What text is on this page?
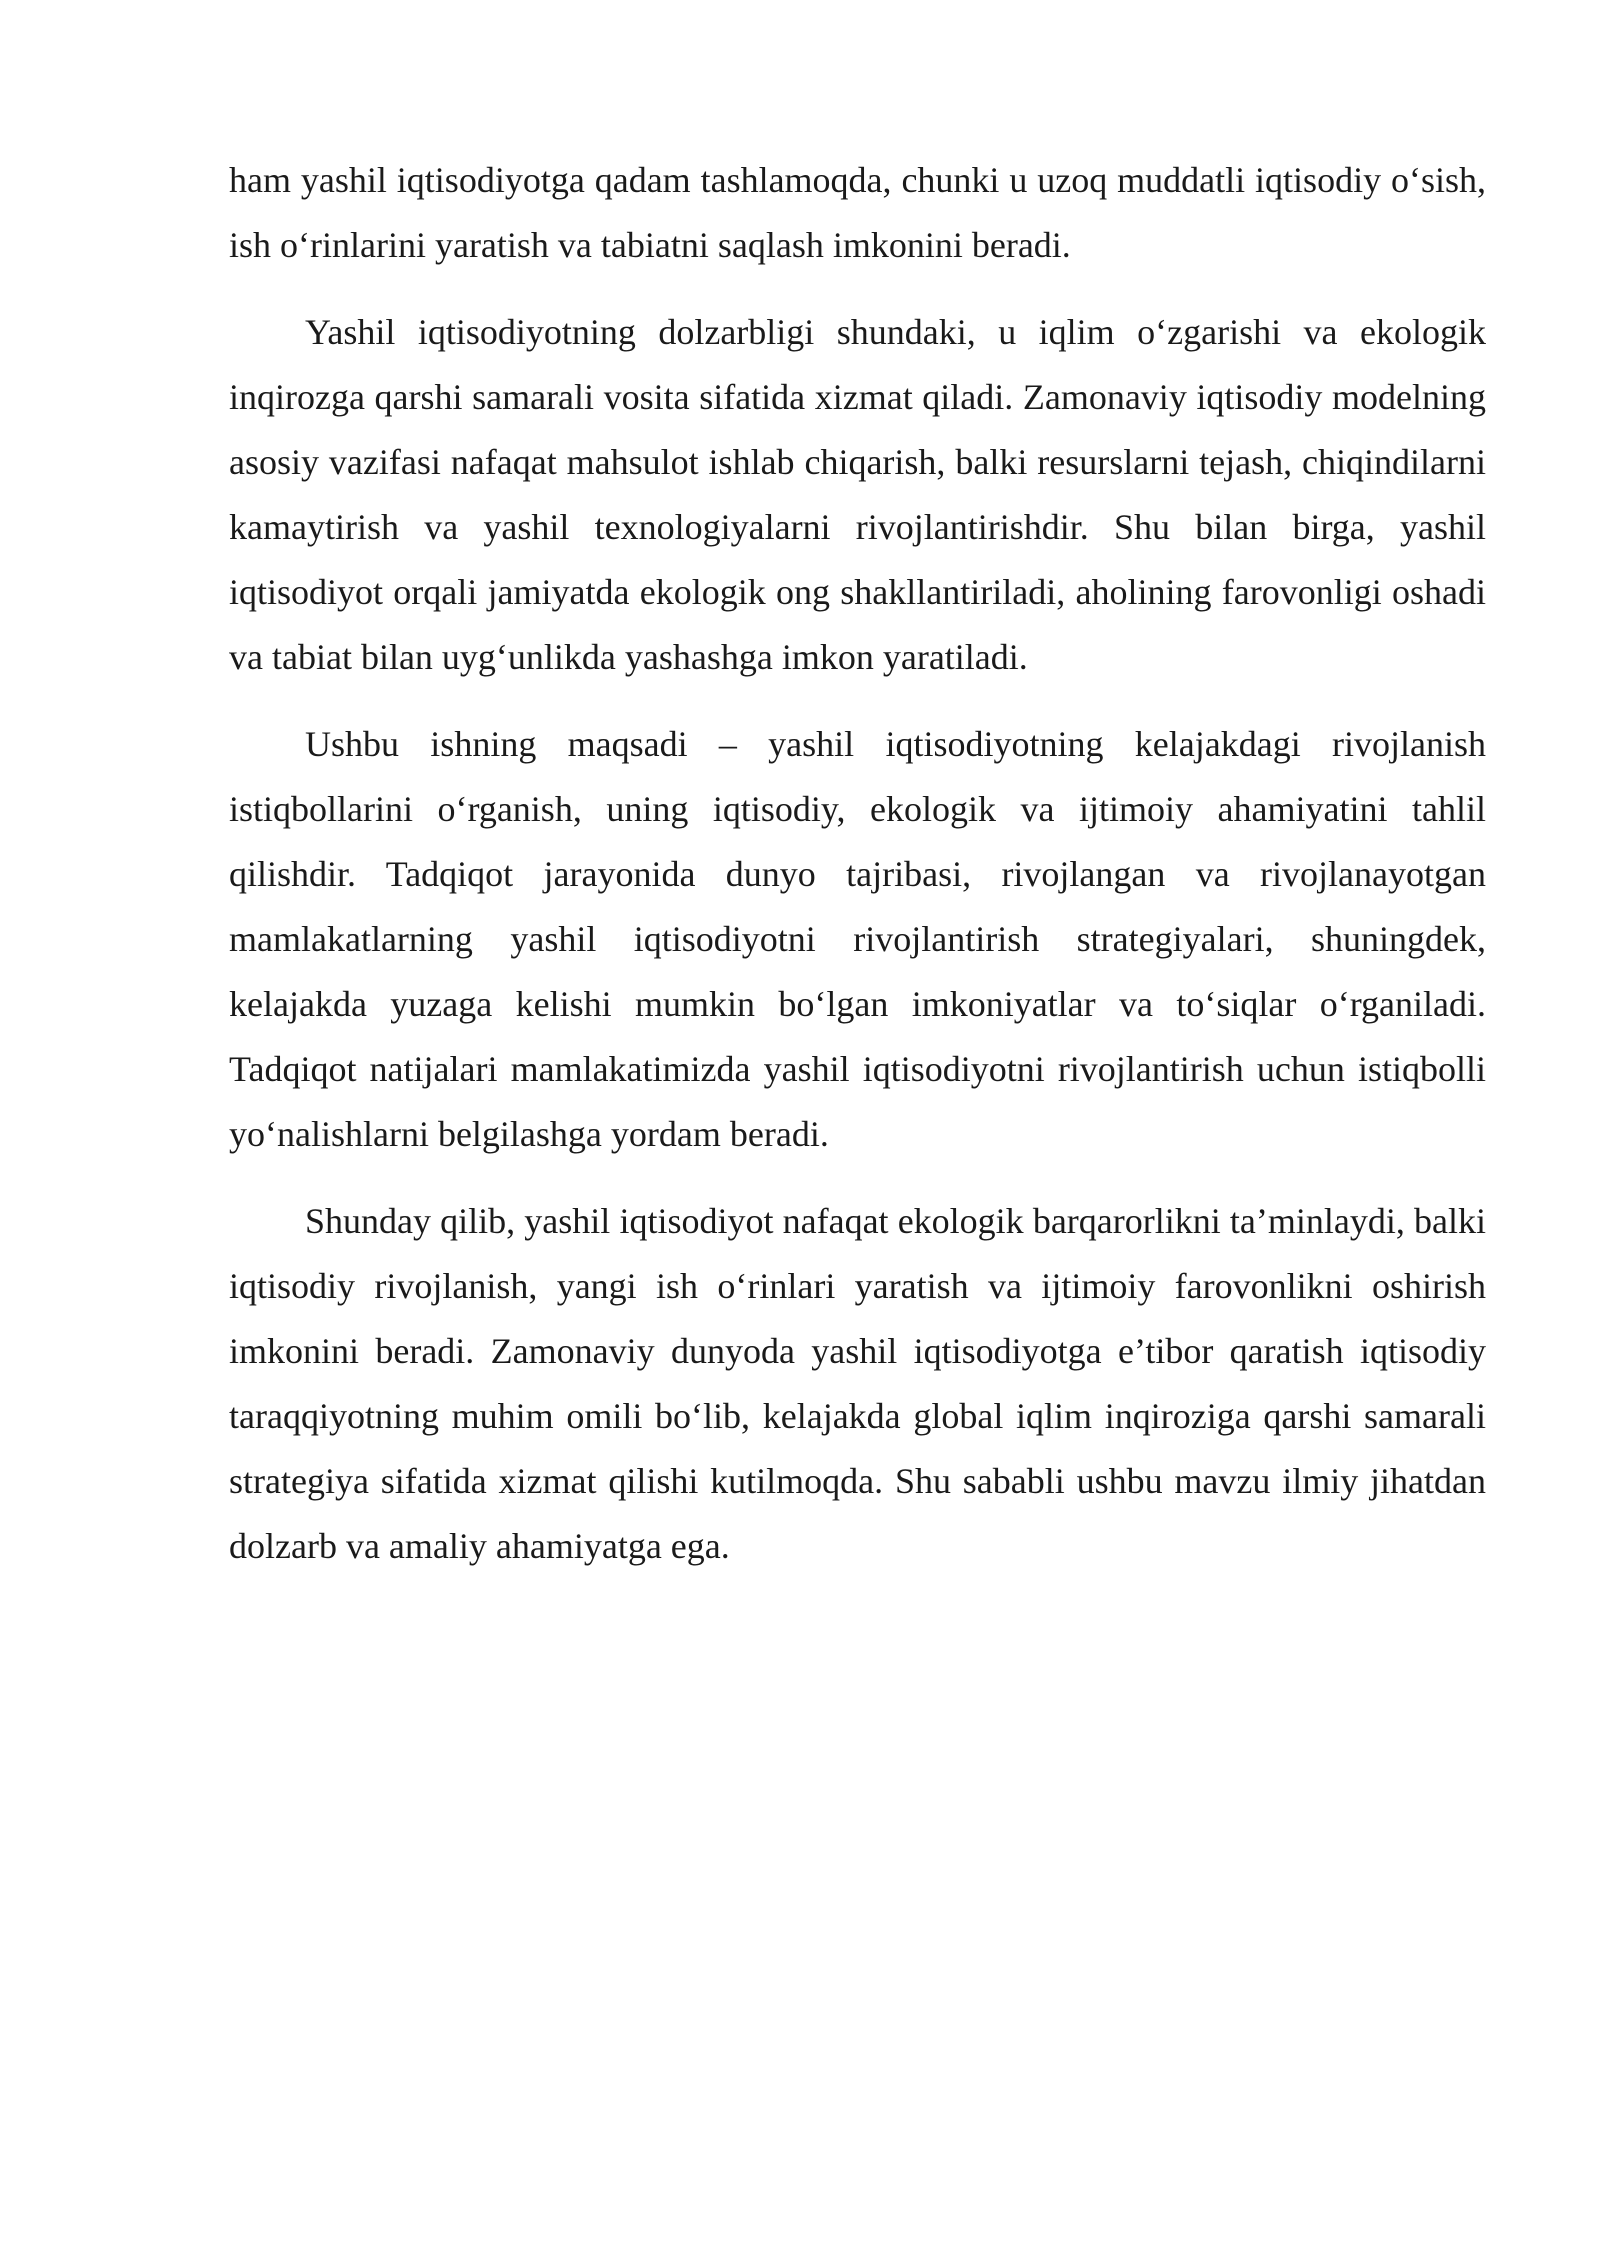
ham yashil iqtisodiyotga qadam tashlamoqda, chunki u uzoq muddatli iqtisodiy o‘sish, ish o‘rinlarini yaratish va tabiatni saqlash imkonini beradi.

Yashil iqtisodiyotning dolzarbligi shundaki, u iqlim o‘zgarishi va ekologik inqirozga qarshi samarali vosita sifatida xizmat qiladi. Zamonaviy iqtisodiy modelning asosiy vazifasi nafaqat mahsulot ishlab chiqarish, balki resurslarni tejash, chiqindilarni kamaytirish va yashil texnologiyalarni rivojlantirishdir. Shu bilan birga, yashil iqtisodiyot orqali jamiyatda ekologik ong shakllantiriladi, aholining farovonligi oshadi va tabiat bilan uyg‘unlikda yashashga imkon yaratiladi.

Ushbu ishning maqsadi – yashil iqtisodiyotning kelajakdagi rivojlanish istiqbollarini o‘rganish, uning iqtisodiy, ekologik va ijtimoiy ahamiyatini tahlil qilishdir. Tadqiqot jarayonida dunyo tajribasi, rivojlangan va rivojlanayotgan mamlakatlarning yashil iqtisodiyotni rivojlantirish strategiyalari, shuningdek, kelajakda yuzaga kelishi mumkin bo‘lgan imkoniyatlar va to‘siqlar o‘rganiladi. Tadqiqot natijalari mamlakatimizda yashil iqtisodiyotni rivojlantirish uchun istiqbolli yo‘nalishlarni belgilashga yordam beradi.

Shunday qilib, yashil iqtisodiyot nafaqat ekologik barqarorlikni ta’minlaydi, balki iqtisodiy rivojlanish, yangi ish o‘rinlari yaratish va ijtimoiy farovonlikni oshirish imkonini beradi. Zamonaviy dunyoda yashil iqtisodiyotga e’tibor qaratish iqtisodiy taraqqiyotning muhim omili bo‘lib, kelajakda global iqlim inqiroziga qarshi samarali strategiya sifatida xizmat qilishi kutilmoqda. Shu sababli ushbu mavzu ilmiy jihatdan dolzarb va amaliy ahamiyatga ega.
